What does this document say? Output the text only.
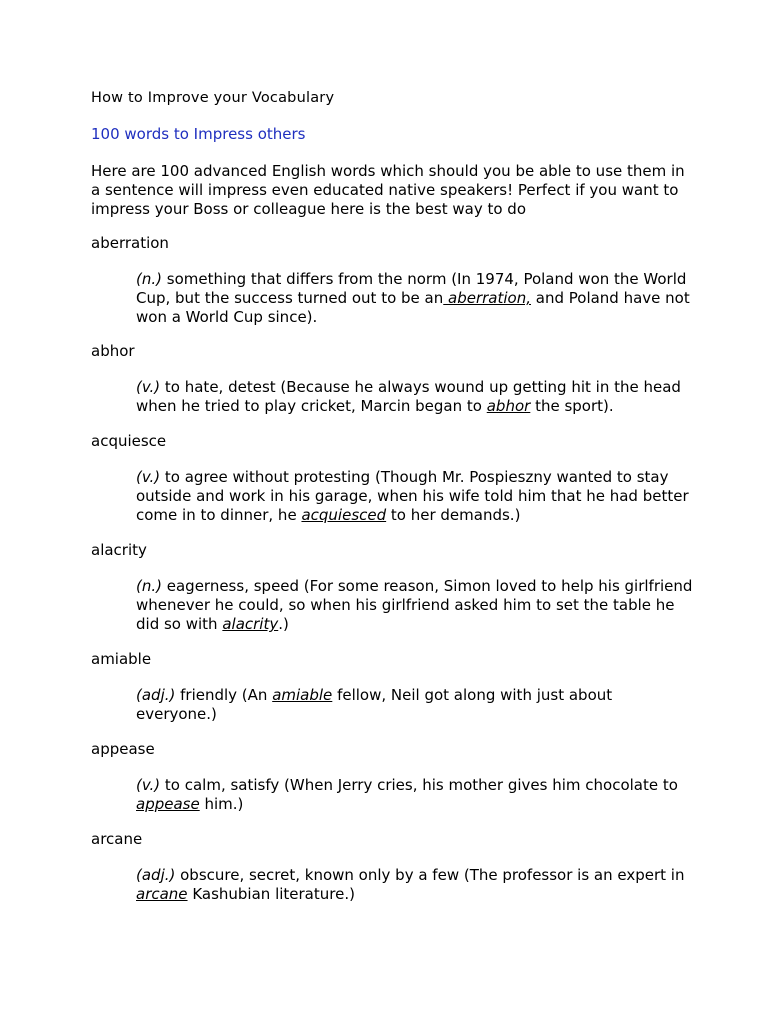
How to Improve your Vocabulary
100 words to Impress others
Here are 100 advanced English words which should you be able to use them in a sentence will impress even educated native speakers! Perfect if you want to impress your Boss or colleague here is the best way to do

aberration

(n.) something that differs from the norm (In 1974, Poland won the World Cup, but the success turned out to be an aberration, and Poland have not won a World Cup since).

abhor

(v.) to hate, detest (Because he always wound up getting hit in the head when he tried to play cricket, Marcin began to abhor the sport).

acquiesce

(v.) to agree without protesting (Though Mr. Pospieszny wanted to stay outside and work in his garage, when his wife told him that he had better come in to dinner, he acquiesced to her demands.)

alacrity

(n.) eagerness, speed (For some reason, Simon loved to help his girlfriend whenever he could, so when his girlfriend asked him to set the table he did so with alacrity.)

amiable

(adj.) friendly (An amiable fellow, Neil got along with just about everyone.)

appease

(v.) to calm, satisfy (When Jerry cries, his mother gives him chocolate to appease him.)

arcane

(adj.) obscure, secret, known only by a few (The professor is an expert in arcane Kashubian literature.)
